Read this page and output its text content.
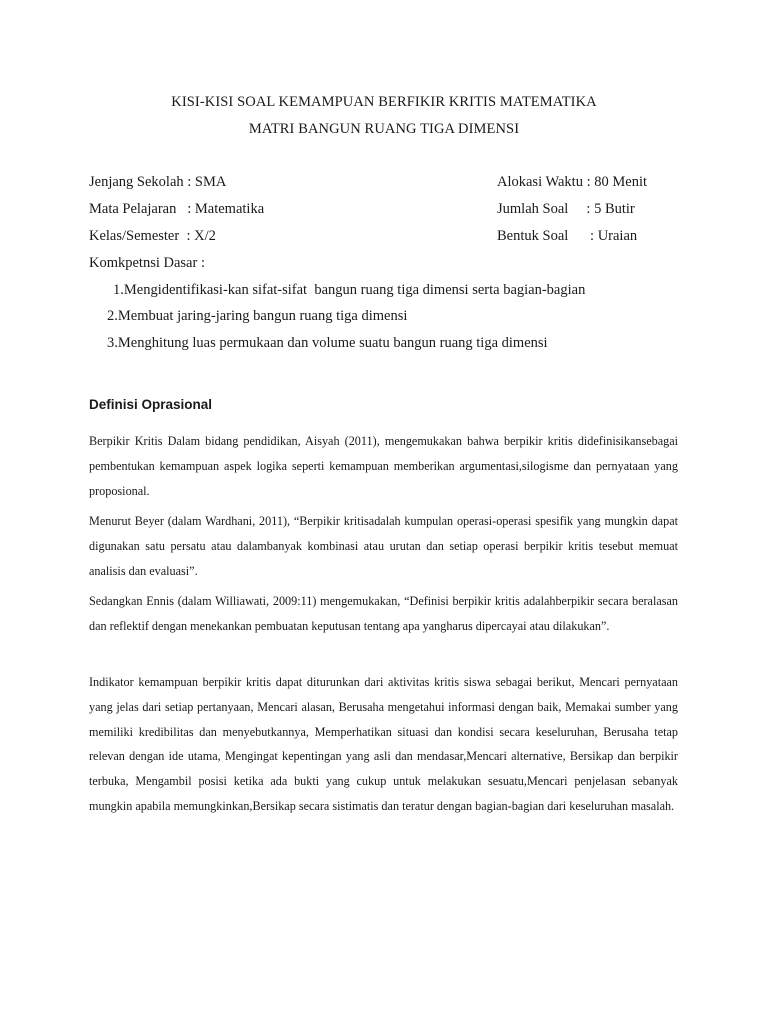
KISI-KISI SOAL KEMAMPUAN BERFIKIR KRITIS MATEMATIKA
MATRI BANGUN RUANG TIGA DIMENSI
Jenjang Sekolah : SMA
Mata Pelajaran   : Matematika
Kelas/Semester  : X/2
Alokasi Waktu : 80 Menit
Jumlah Soal     : 5 Butir
Bentuk Soal      : Uraian
Komkpetnsi Dasar :
1.Mengidentifikasi-kan sifat-sifat  bangun ruang tiga dimensi serta bagian-bagian
2.Membuat jaring-jaring bangun ruang tiga dimensi
3.Menghitung luas permukaan dan volume suatu bangun ruang tiga dimensi
Definisi Oprasional
Berpikir Kritis Dalam bidang pendidikan, Aisyah (2011), mengemukakan bahwa berpikir kritis didefinisikansebagai pembentukan kemampuan aspek logika seperti kemampuan memberikan argumentasi,silogisme dan pernyataan yang proposional.
Menurut Beyer (dalam Wardhani, 2011), “Berpikir kritisadalah kumpulan operasi-operasi spesifik yang mungkin dapat digunakan satu persatu atau dalambanyak kombinasi atau urutan dan setiap operasi berpikir kritis tesebut memuat analisis dan evaluasi”.
Sedangkan Ennis (dalam Williawati, 2009:11) mengemukakan, “Definisi berpikir kritis adalahberpikir secara beralasan dan reflektif dengan menekankan pembuatan keputusan tentang apa yangharus dipercayai atau dilakukan”.
Indikator kemampuan berpikir kritis dapat diturunkan dari aktivitas kritis siswa sebagai berikut, Mencari pernyataan yang jelas dari setiap pertanyaan, Mencari alasan, Berusaha mengetahui informasi dengan baik, Memakai sumber yang memiliki kredibilitas dan menyebutkannya, Memperhatikan situasi dan kondisi secara keseluruhan, Berusaha tetap relevan dengan ide utama, Mengingat kepentingan yang asli dan mendasar,Mencari alternative, Bersikap dan berpikir terbuka, Mengambil posisi ketika ada bukti yang cukup untuk melakukan sesuatu,Mencari penjelasan sebanyak mungkin apabila memungkinkan,Bersikap secara sistimatis dan teratur dengan bagian-bagian dari keseluruhan masalah.
